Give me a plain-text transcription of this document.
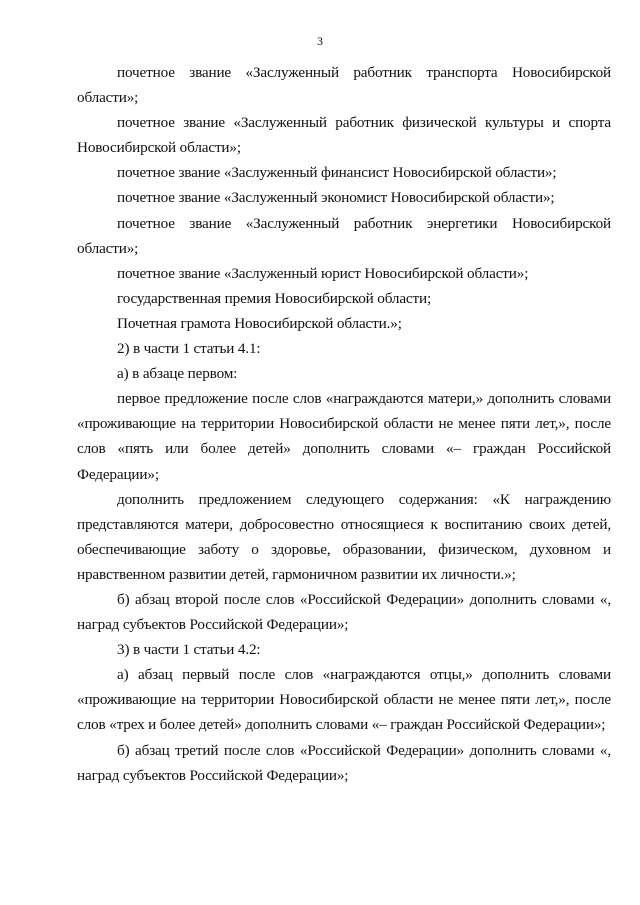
3

почетное звание «Заслуженный работник транспорта Новосибирской области»;

почетное звание «Заслуженный работник физической культуры и спорта Новосибирской области»;

почетное звание «Заслуженный финансист Новосибирской области»;

почетное звание «Заслуженный экономист Новосибирской области»;

почетное звание «Заслуженный работник энергетики Новосибирской области»;

почетное звание «Заслуженный юрист Новосибирской области»;

государственная премия Новосибирской области;

Почетная грамота Новосибирской области.»;

2) в части 1 статьи 4.1:

а) в абзаце первом:

первое предложение после слов «награждаются матери,» дополнить словами «проживающие на территории Новосибирской области не менее пяти лет,», после слов «пять или более детей» дополнить словами «– граждан Российской Федерации»;

дополнить предложением следующего содержания: «К награждению представляются матери, добросовестно относящиеся к воспитанию своих детей, обеспечивающие заботу о здоровье, образовании, физическом, духовном и нравственном развитии детей, гармоничном развитии их личности.»;

б) абзац второй после слов «Российской Федерации» дополнить словами «, наград субъектов Российской Федерации»;

3) в части 1 статьи 4.2:

а) абзац первый после слов «награждаются отцы,» дополнить словами «проживающие на территории Новосибирской области не менее пяти лет,», после слов «трех и более детей» дополнить словами «– граждан Российской Федерации»;

б) абзац третий после слов «Российской Федерации» дополнить словами «, наград субъектов Российской Федерации»;
